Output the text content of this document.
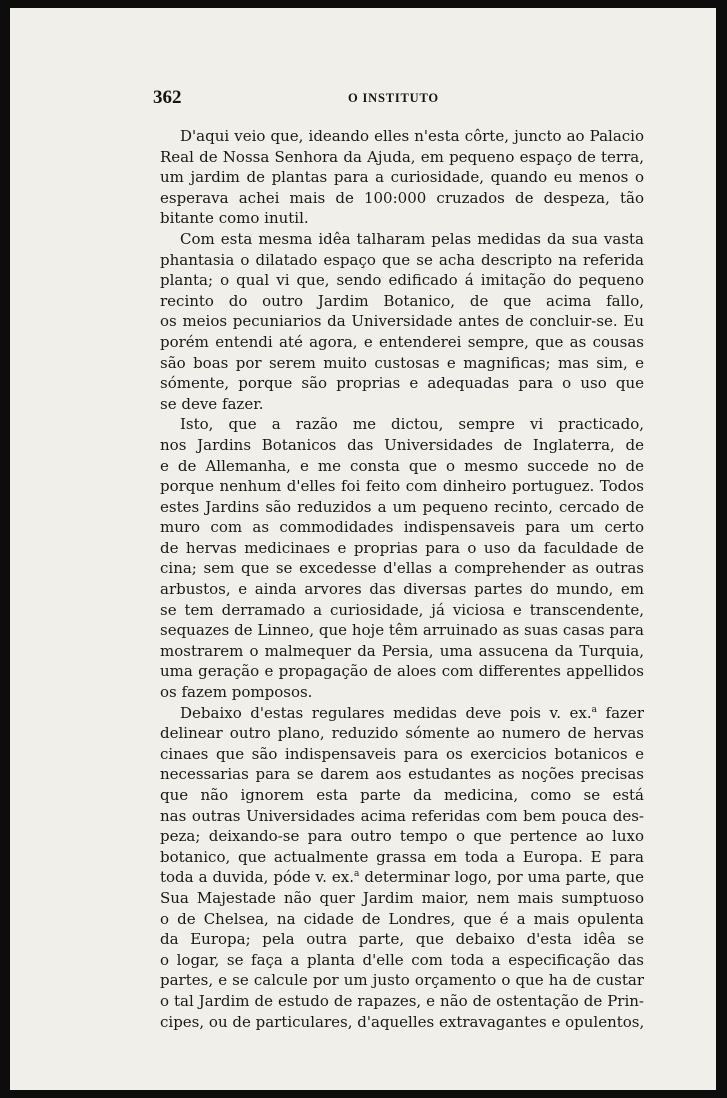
362	O INSTITUTO
D'aqui veio que, ideando elles n'esta côrte, juncto ao Palacio
Real de Nossa Senhora da Ajuda, em pequeno espaço de terra,
um jardim de plantas para a curiosidade, quando eu menos o
esperava achei mais de 100:000 cruzados de despeza, tão
bitante como inutil.
Com esta mesma idêa talharam pelas medidas da sua vasta
phantasia o dilatado espaço que se acha descripto na referida
planta; o qual vi que, sendo edificado á imitação do pequeno
recinto do outro Jardim Botanico, de que acima fallo,
os meios pecuniarios da Universidade antes de concluir-se. Eu
porém entendi até agora, e entenderei sempre, que as cousas
são boas por serem muito custosas e magnificas; mas sim, e
sómente, porque são proprias e adequadas para o uso que
se deve fazer.
Isto, que a razão me dictou, sempre vi practicado,
nos Jardins Botanicos das Universidades de Inglaterra, de
e de Allemanha, e me consta que o mesmo succede no de
porque nenhum d'elles foi feito com dinheiro portuguez. Todos
estes Jardins são reduzidos a um pequeno recinto, cercado de
muro com as commodidades indispensaveis para um certo
de hervas medicinaes e proprias para o uso da faculdade de
cina; sem que se excedesse d'ellas a comprehender as outras
arbustos, e ainda arvores das diversas partes do mundo, em
se tem derramado a curiosidade, já viciosa e transcendente,
sequazes de Linneo, que hoje têm arruinado as suas casas para
mostrarem o malmequer da Persia, uma assucena da Turquia,
uma geração e propagação de aloes com differentes appellidos
os fazem pomposos.
Debaixo d'estas regulares medidas deve pois v. ex.$^a$ fazer
delinear outro plano, reduzido sómente ao numero de hervas
cinaes que são indispensaveis para os exercicios botanicos e
necessarias para se darem aos estudantes as noções precisas
que não ignorem esta parte da medicina, como se está
nas outras Universidades acima referidas com bem pouca des-
peza; deixando-se para outro tempo o que pertence ao luxo
botanico, que actualmente grassa em toda a Europa. E para
toda a duvida, póde v. ex.$^a$ determinar logo, por uma parte, que
Sua Majestade não quer Jardim maior, nem mais sumptuoso
o de Chelsea, na cidade de Londres, que é a mais opulenta
da Europa; pela outra parte, que debaixo d'esta idêa se
o logar, se faça a planta d'elle com toda a especificação das
partes, e se calcule por um justo orçamento o que ha de custar
o tal Jardim de estudo de rapazes, e não de ostentação de Prin-
cipes, ou de particulares, d'aquelles extravagantes e opulentos,
